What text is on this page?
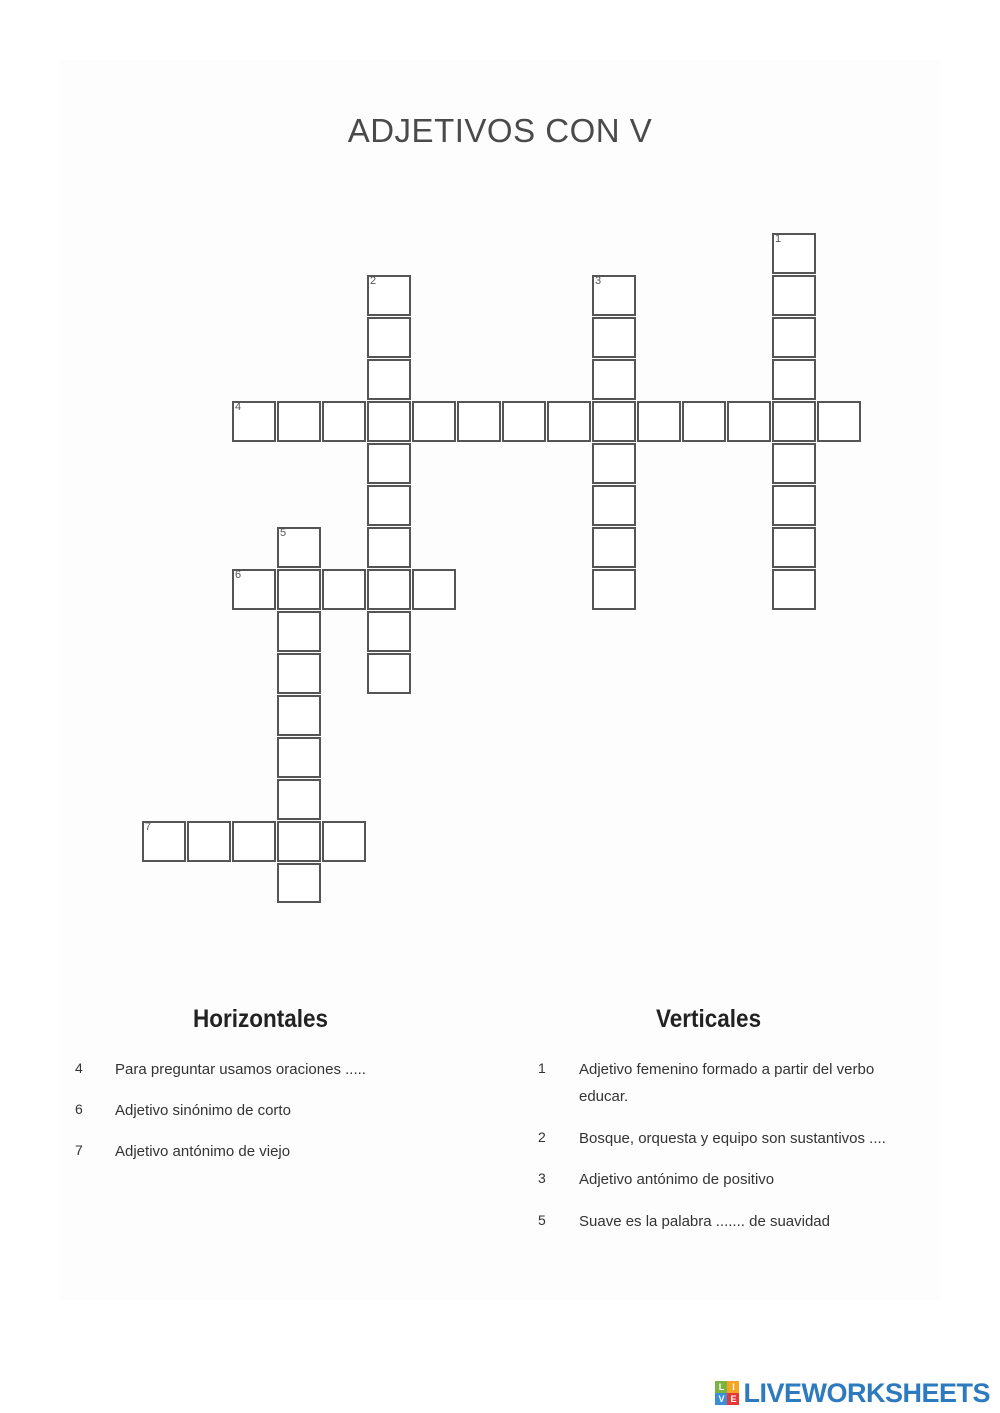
ADJETIVOS CON V
4
1
2	3
6
5
7
Horizontales	Verticales
4 Para preguntar usamos oraciones .....
6 Adjetivo sinónimo de corto
7 Adjetivo antónimo de viejo
1 Adjetivo femenino formado a partir del verbo
educar.
2 Bosque, orquesta y equipo son sustantivos ....
3 Adjetivo antónimo de positivo
5 Suave es la palabra ....... de suavidad
L I
V E LIVEWORKSHEETS
